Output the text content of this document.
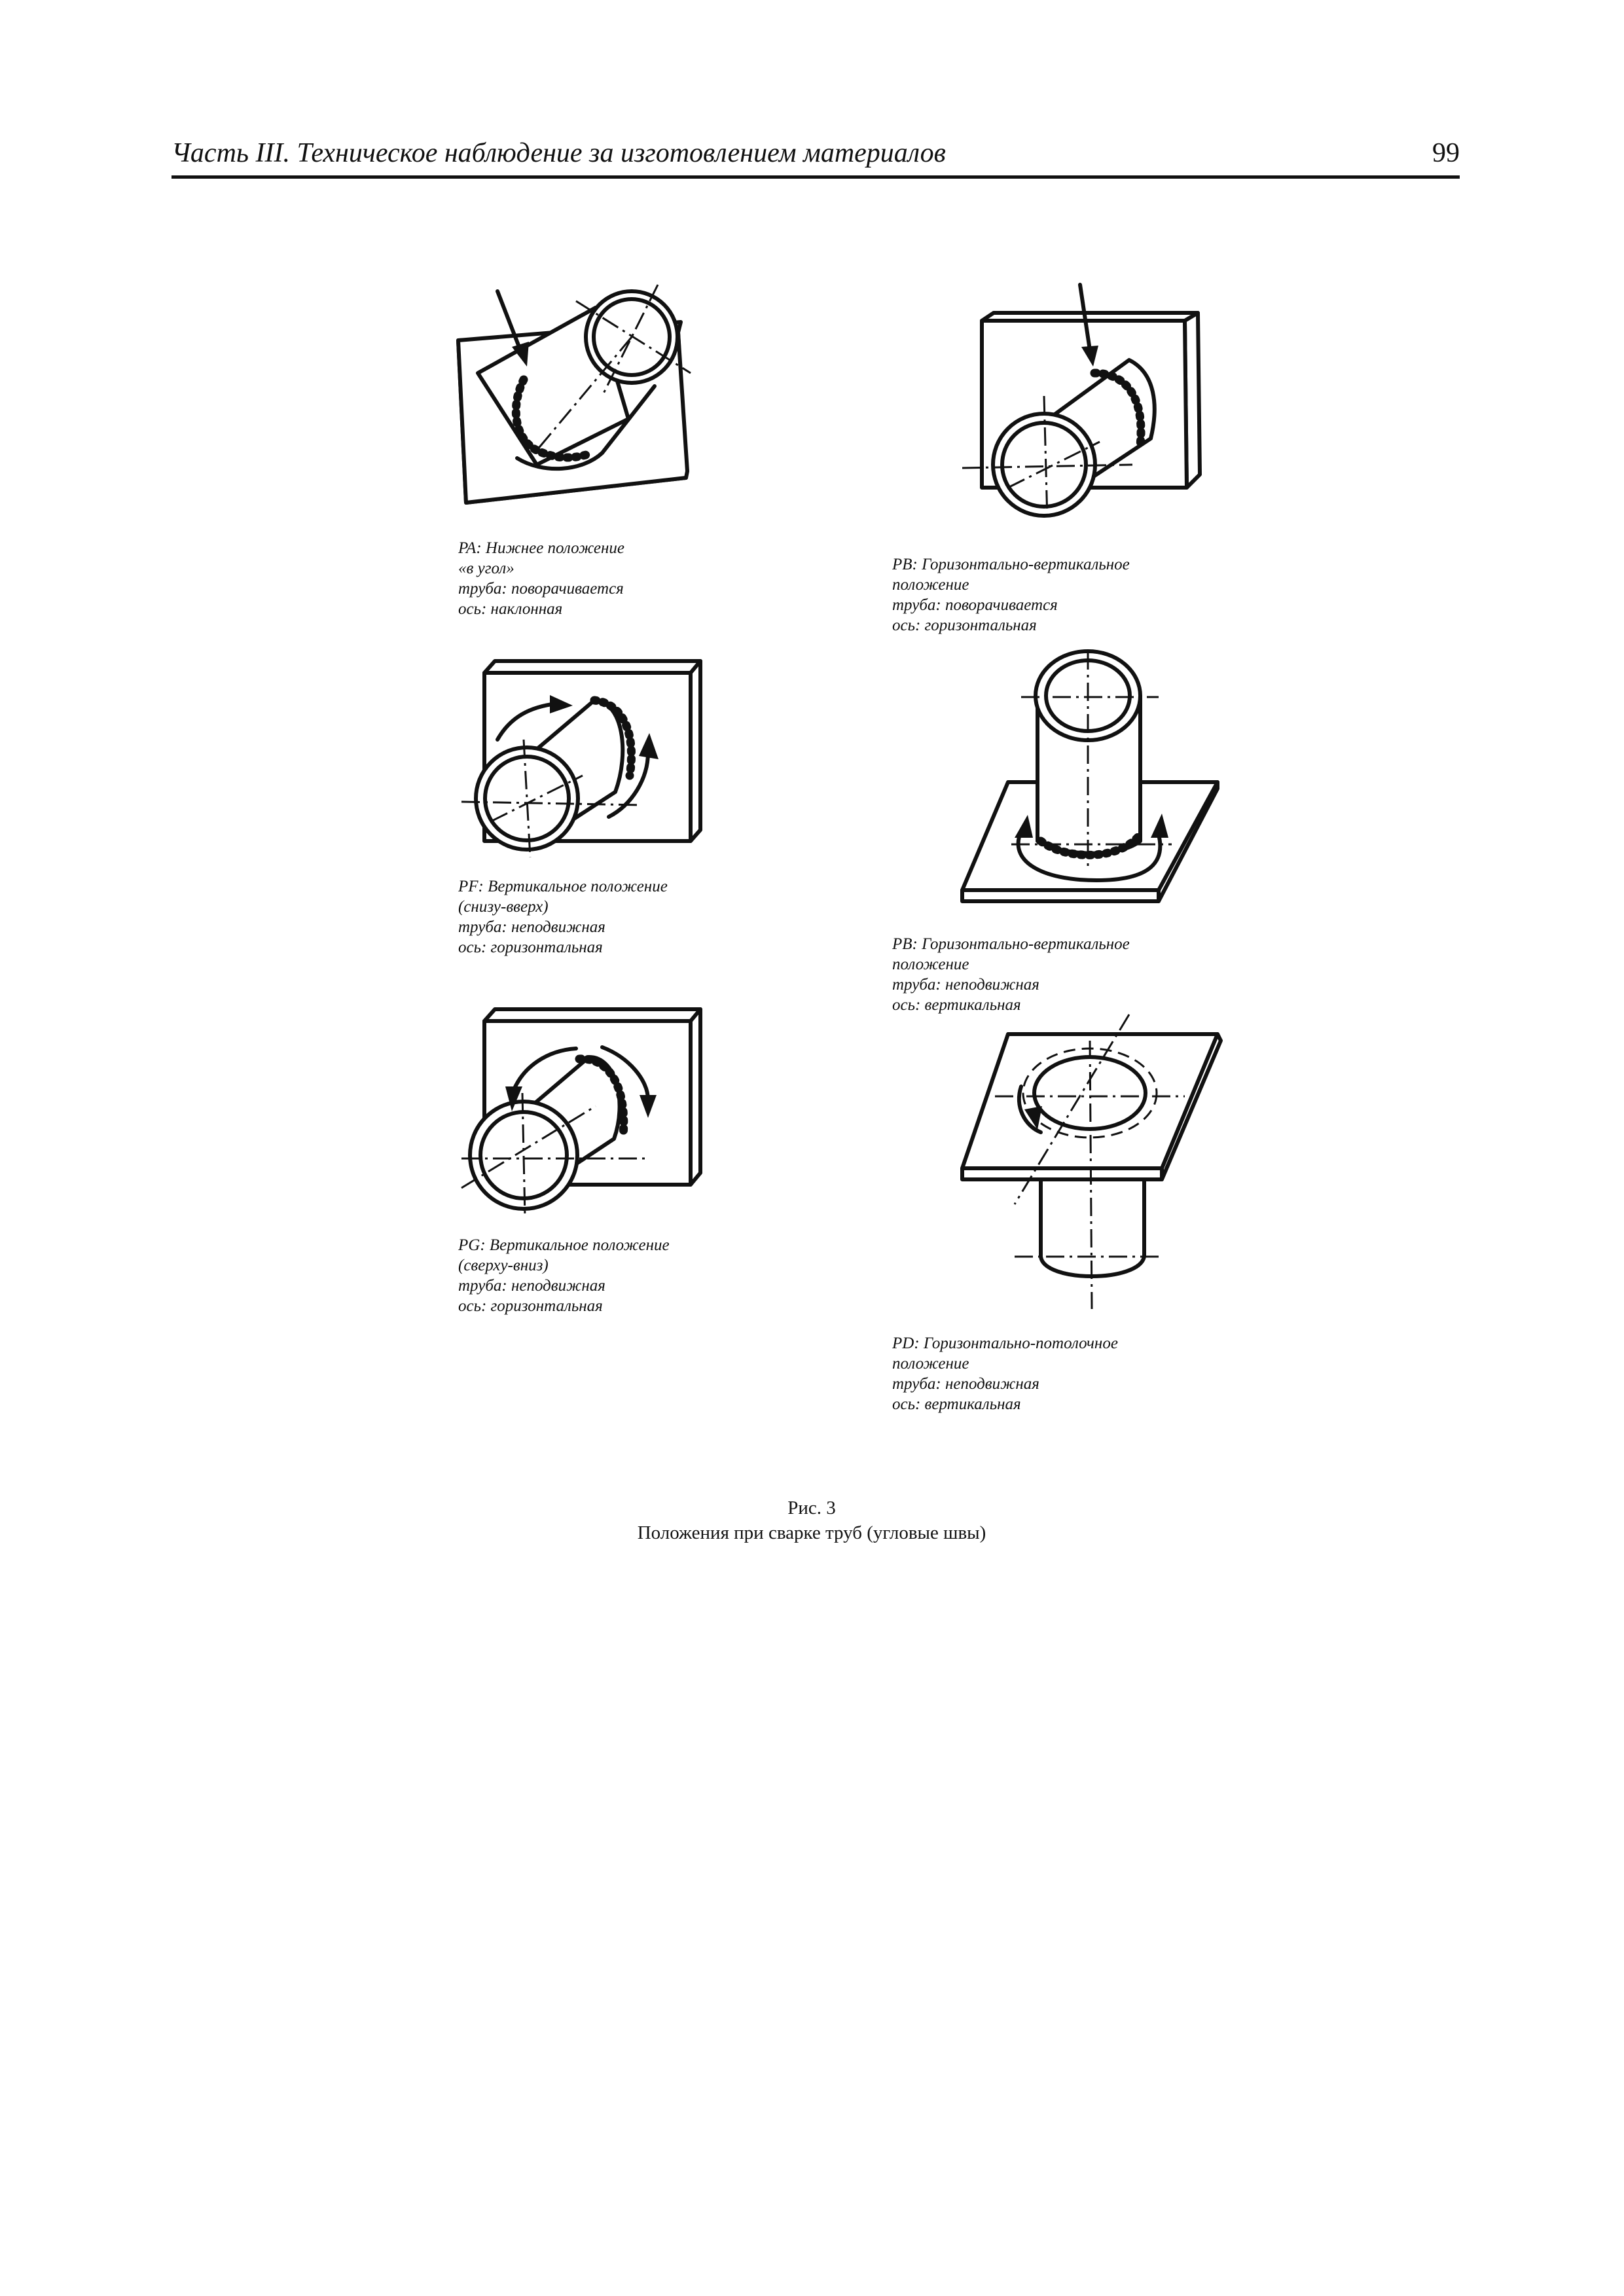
Часть III. Техническое наблюдение за изготовлением материалов	99
PA: Нижнее положение
«в угол»
труба: поворачивается
ось: наклонная
PB: Горизонтально-вертикальное
положение
труба: поворачивается
ось: горизонтальная
PF: Вертикальное положение
(снизу-вверх)
труба: неподвижная
ось: горизонтальная	PB: Горизонтально-вертикальное
положение
труба: неподвижная
ось: вертикальная
PG: Вертикальное положение
(сверху-вниз)
труба: неподвижная
ось: горизонтальная
PD: Горизонтально-потолочное
положение
труба: неподвижная
ось: вертикальная
Рис. 3
Положения при сварке труб (угловые швы)
